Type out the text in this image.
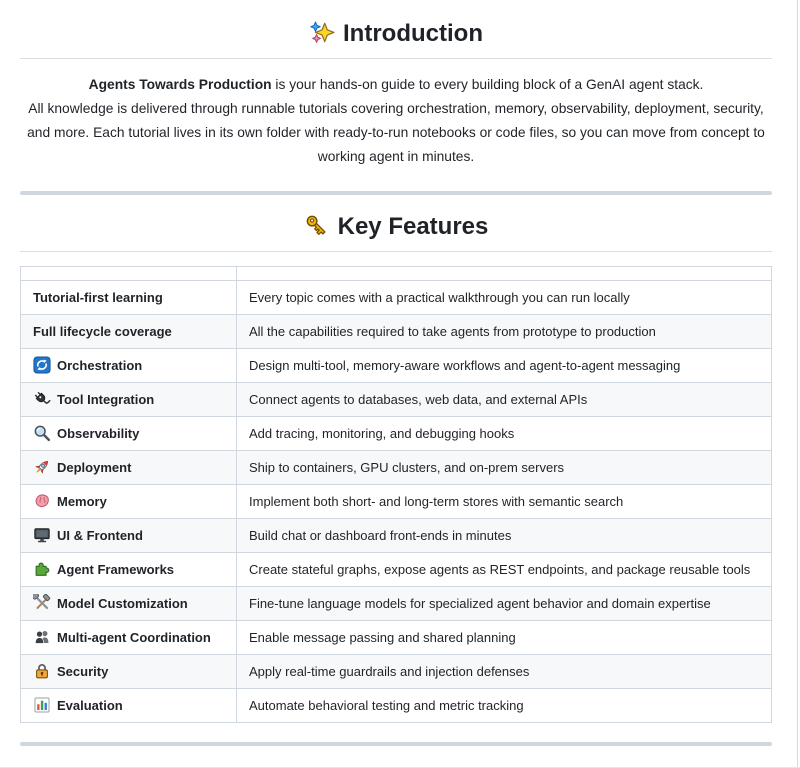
Introduction

Agents Towards Production is your hands-on guide to every building block of a GenAI agent stack.
All knowledge is delivered through runnable tutorials covering orchestration, memory, observability, deployment, security, and more. Each tutorial lives in its own folder with ready-to-run notebooks or code files, so you can move from concept to working agent in minutes.

Key Features

Tutorial-first learning	Every topic comes with a practical walkthrough you can run locally
Full lifecycle coverage	All the capabilities required to take agents from prototype to production
Orchestration	Design multi-tool, memory-aware workflows and agent-to-agent messaging
Tool Integration	Connect agents to databases, web data, and external APIs
Observability	Add tracing, monitoring, and debugging hooks
Deployment	Ship to containers, GPU clusters, and on-prem servers
Memory	Implement both short- and long-term stores with semantic search
UI & Frontend	Build chat or dashboard front-ends in minutes
Agent Frameworks	Create stateful graphs, expose agents as REST endpoints, and package reusable tools
Model Customization	Fine-tune language models for specialized agent behavior and domain expertise
Multi-agent Coordination	Enable message passing and shared planning
Security	Apply real-time guardrails and injection defenses
Evaluation	Automate behavioral testing and metric tracking
